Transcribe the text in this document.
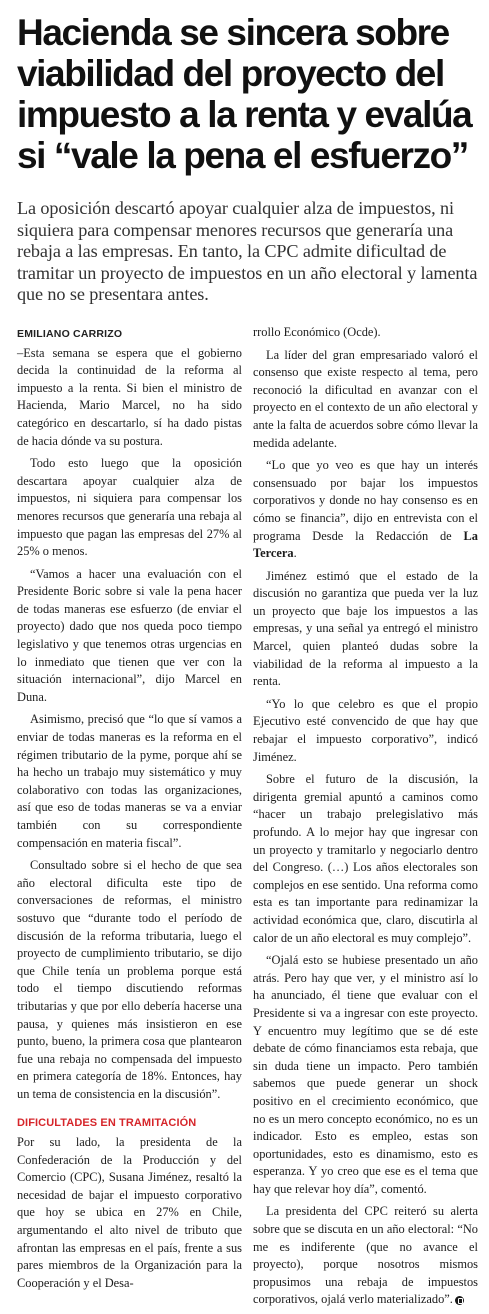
Hacienda se sincera sobre viabilidad del proyecto del impuesto a la renta y evalúa si “vale la pena el esfuerzo”

La oposición descartó apoyar cualquier alza de impuestos, ni siquiera para compensar menores recursos que generaría una rebaja a las empresas. En tanto, la CPC admite dificultad de tramitar un proyecto de impuestos en un año electoral y lamenta que no se presentara antes.

EMILIANO CARRIZO

–Esta semana se espera que el gobierno decida la continuidad de la reforma al impuesto a la renta. Si bien el ministro de Hacienda, Mario Marcel, no ha sido categórico en descartarlo, sí ha dado pistas de hacia dónde va su postura.

Todo esto luego que la oposición descartara apoyar cualquier alza de impuestos, ni siquiera para compensar los menores recursos que generaría una rebaja al impuesto que pagan las empresas del 27% al 25% o menos.

“Vamos a hacer una evaluación con el Presidente Boric sobre si vale la pena hacer de todas maneras ese esfuerzo (de enviar el proyecto) dado que nos queda poco tiempo legislativo y que tenemos otras urgencias en lo inmediato que tienen que ver con la situación internacional”, dijo Marcel en Duna.

Asimismo, precisó que “lo que sí vamos a enviar de todas maneras es la reforma en el régimen tributario de la pyme, porque ahí se ha hecho un trabajo muy sistemático y muy colaborativo con todas las organizaciones, así que eso de todas maneras se va a enviar también con su correspondiente compensación en materia fiscal”.

Consultado sobre si el hecho de que sea año electoral dificulta este tipo de conversaciones de reformas, el ministro sostuvo que “durante todo el período de discusión de la reforma tributaria, luego el proyecto de cumplimiento tributario, se dijo que Chile tenía un problema porque está todo el tiempo discutiendo reformas tributarias y que por ello debería hacerse una pausa, y quienes más insistieron en ese punto, bueno, la primera cosa que plantearon fue una rebaja no compensada del impuesto en primera categoría de 18%. Entonces, hay un tema de consistencia en la discusión”.

DIFICULTADES EN TRAMITACIÓN

Por su lado, la presidenta de la Confederación de la Producción y del Comercio (CPC), Susana Jiménez, resaltó la necesidad de bajar el impuesto corporativo que hoy se ubica en 27% en Chile, argumentando el alto nivel de tributo que afrontan las empresas en el país, frente a sus pares miembros de la Organización para la Cooperación y el Desa-

rrollo Económico (Ocde).

La líder del gran empresariado valoró el consenso que existe respecto al tema, pero reconoció la dificultad en avanzar con el proyecto en el contexto de un año electoral y ante la falta de acuerdos sobre cómo llevar la medida adelante.

“Lo que yo veo es que hay un interés consensuado por bajar los impuestos corporativos y donde no hay consenso es en cómo se financia”, dijo en entrevista con el programa Desde la Redacción de La Tercera.

Jiménez estimó que el estado de la discusión no garantiza que pueda ver la luz un proyecto que baje los impuestos a las empresas, y una señal ya entregó el ministro Marcel, quien planteó dudas sobre la viabilidad de la reforma al impuesto a la renta.

“Yo lo que celebro es que el propio Ejecutivo esté convencido de que hay que rebajar el impuesto corporativo”, indicó Jiménez.

Sobre el futuro de la discusión, la dirigenta gremial apuntó a caminos como “hacer un trabajo prelegislativo más profundo. A lo mejor hay que ingresar con un proyecto y tramitarlo y negociarlo dentro del Congreso. (…) Los años electorales son complejos en ese sentido. Una reforma como esta es tan importante para redinamizar la actividad económica que, claro, discutirla al calor de un año electoral es muy complejo”.

“Ojalá esto se hubiese presentado un año atrás. Pero hay que ver, y el ministro así lo ha anunciado, él tiene que evaluar con el Presidente si va a ingresar con este proyecto. Y encuentro muy legítimo que se dé este debate de cómo financiamos esta rebaja, que sin duda tiene un impacto. Pero también sabemos que puede generar un shock positivo en el crecimiento económico, que no es un mero concepto económico, no es un indicador. Esto es empleo, estas son oportunidades, esto es dinamismo, esto es esperanza. Y yo creo que ese es el tema que hay que relevar hoy día”, comentó.

La presidenta del CPC reiteró su alerta sobre que se discuta en un año electoral: “No me es indiferente (que no avance el proyecto), porque nosotros mismos propusimos una rebaja de impuestos corporativos, ojalá verlo materializado”.
